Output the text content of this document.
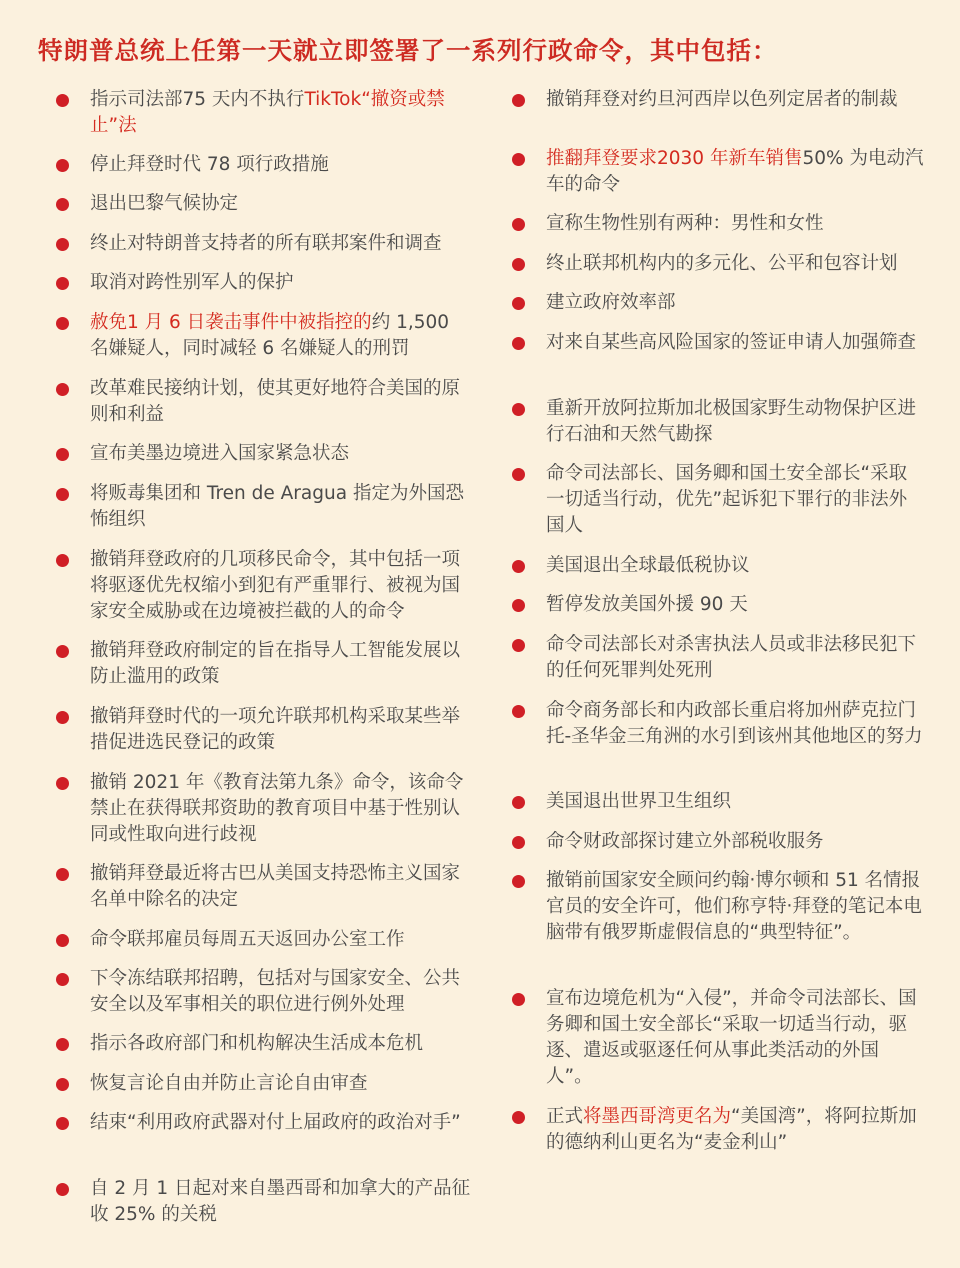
特朗普总统上任第一天就立即签署了一系列行政命令，其中包括：
指示司法部75 天内不执行TikTok“撤资或禁止”法
停止拜登时代 78 项行政措施
退出巴黎气候协定
终止对特朗普支持者的所有联邦案件和调查
取消对跨性别军人的保护
赦免1 月 6 日袭击事件中被指控的约 1,500 名嫌疑人，同时减轻 6 名嫌疑人的刑罚
改革难民接纳计划，使其更好地符合美国的原则和利益
宣布美墨边境进入国家紧急状态
将贩毒集团和 Tren de Aragua 指定为外国恐怖组织
撤销拜登政府的几项移民命令，其中包括一项将驱逐优先权缩小到犯有严重罪行、被视为国家安全威胁或在边境被拦截的人的命令
撤销拜登政府制定的旨在指导人工智能发展以防止滥用的政策
撤销拜登时代的一项允许联邦机构采取某些举措促进选民登记的政策
撤销 2021 年《教育法第九条》命令，该命令禁止在获得联邦资助的教育项目中基于性别认同或性取向进行歧视
撤销拜登最近将古巴从美国支持恐怖主义国家名单中除名的决定
命令联邦雇员每周五天返回办公室工作
下令冻结联邦招聘，包括对与国家安全、公共安全以及军事相关的职位进行例外处理
指示各政府部门和机构解决生活成本危机
恢复言论自由并防止言论自由审查
结束“利用政府武器对付上届政府的政治对手”
自 2 月 1 日起对来自墨西哥和加拿大的产品征收 25% 的关税
撤销拜登对约旦河西岸以色列定居者的制裁
推翻拜登要求2030 年新车销售50% 为电动汽车的命令
宣称生物性别有两种：男性和女性
终止联邦机构内的多元化、公平和包容计划
建立政府效率部
对来自某些高风险国家的签证申请人加强筛查
重新开放阿拉斯加北极国家野生动物保护区进行石油和天然气勘探
命令司法部长、国务卿和国土安全部长“采取一切适当行动，优先”起诉犯下罪行的非法外国人
美国退出全球最低税协议
暂停发放美国外援 90 天
命令司法部长对杀害执法人员或非法移民犯下的任何死罪判处死刑
命令商务部长和内政部长重启将加州萨克拉门托-圣华金三角洲的水引到该州其他地区的努力
美国退出世界卫生组织
命令财政部探讨建立外部税收服务
撤销前国家安全顾问约翰·博尔顿和 51 名情报官员的安全许可，他们称亨特·拜登的笔记本电脑带有俄罗斯虚假信息的“典型特征”。
宣布边境危机为“入侵”，并命令司法部长、国务卿和国土安全部长“采取一切适当行动，驱逐、遣返或驱逐任何从事此类活动的外国人”。
正式将墨西哥湾更名为“美国湾”，将阿拉斯加的德纳利山更名为“麦金利山”
